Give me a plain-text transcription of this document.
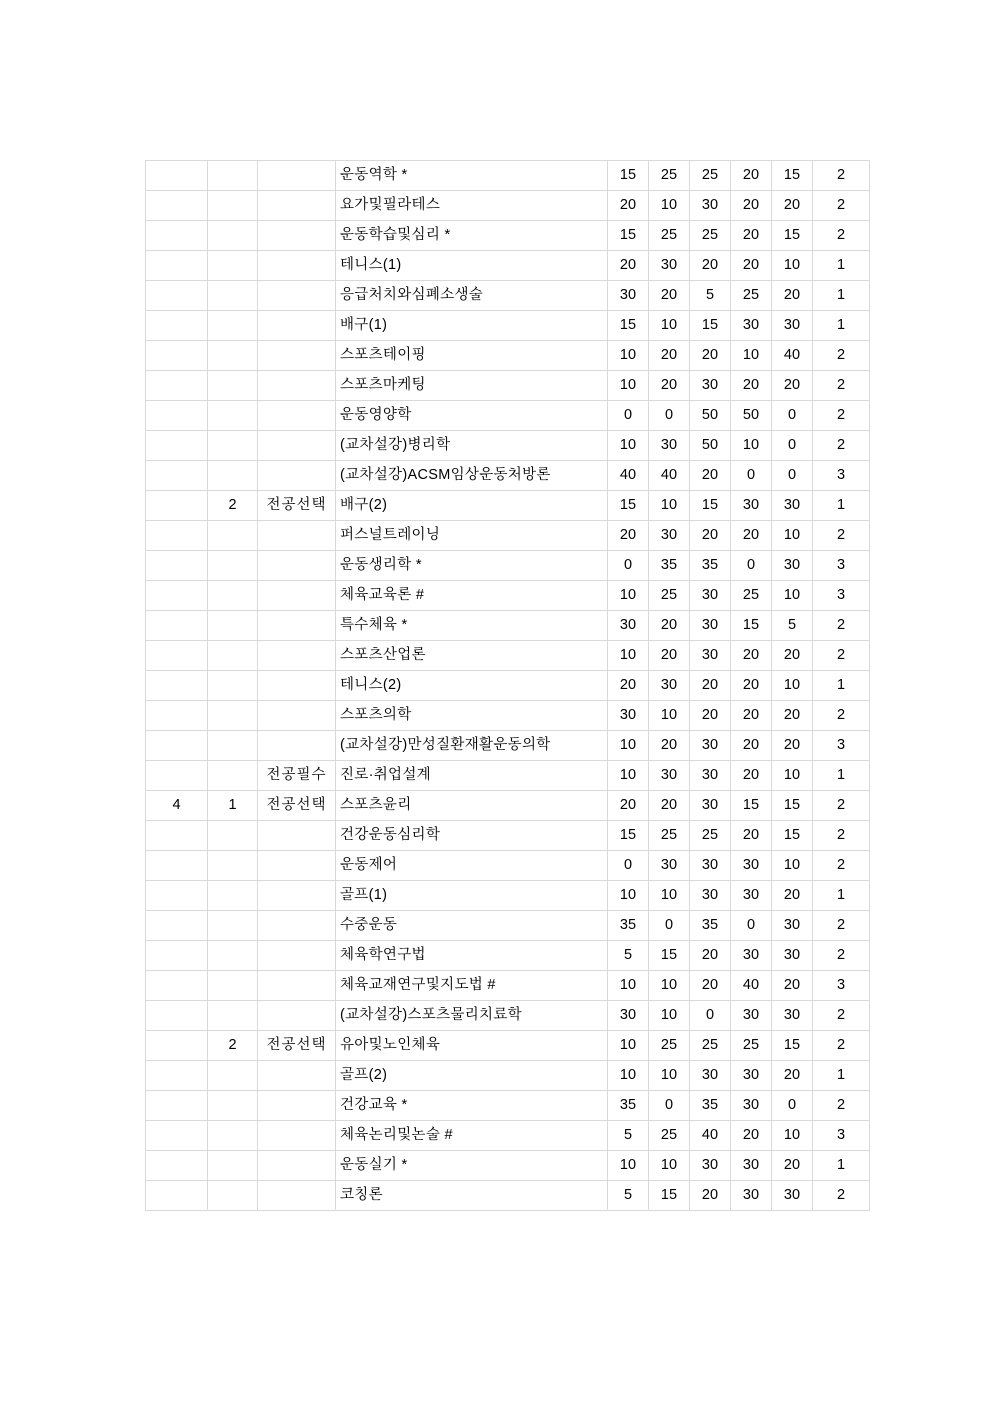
			운동역학 *	15	25	25	20	15	2
			요가및필라테스	20	10	30	20	20	2
			운동학습및심리 *	15	25	25	20	15	2
			테니스(1)	20	30	20	20	10	1
			응급처치와심폐소생술	30	20	5	25	20	1
			배구(1)	15	10	15	30	30	1
			스포츠테이핑	10	20	20	10	40	2
			스포츠마케팅	10	20	30	20	20	2
			운동영양학	0	0	50	50	0	2
			(교차설강)병리학	10	30	50	10	0	2
			(교차설강)ACSM임상운동처방론	40	40	20	0	0	3
	2	전공선택	배구(2)	15	10	15	30	30	1
			퍼스널트레이닝	20	30	20	20	10	2
			운동생리학 *	0	35	35	0	30	3
			체육교육론 #	10	25	30	25	10	3
			특수체육 *	30	20	30	15	5	2
			스포츠산업론	10	20	30	20	20	2
			테니스(2)	20	30	20	20	10	1
			스포츠의학	30	10	20	20	20	2
			(교차설강)만성질환재활운동의학	10	20	30	20	20	3
		전공필수	진로·취업설계	10	30	30	20	10	1
4	1	전공선택	스포츠윤리	20	20	30	15	15	2
			건강운동심리학	15	25	25	20	15	2
			운동제어	0	30	30	30	10	2
			골프(1)	10	10	30	30	20	1
			수중운동	35	0	35	0	30	2
			체육학연구법	5	15	20	30	30	2
			체육교재연구및지도법 #	10	10	20	40	20	3
			(교차설강)스포츠물리치료학	30	10	0	30	30	2
	2	전공선택	유아및노인체육	10	25	25	25	15	2
			골프(2)	10	10	30	30	20	1
			건강교육 *	35	0	35	30	0	2
			체육논리및논술 #	5	25	40	20	10	3
			운동실기 *	10	10	30	30	20	1
			코칭론	5	15	20	30	30	2
